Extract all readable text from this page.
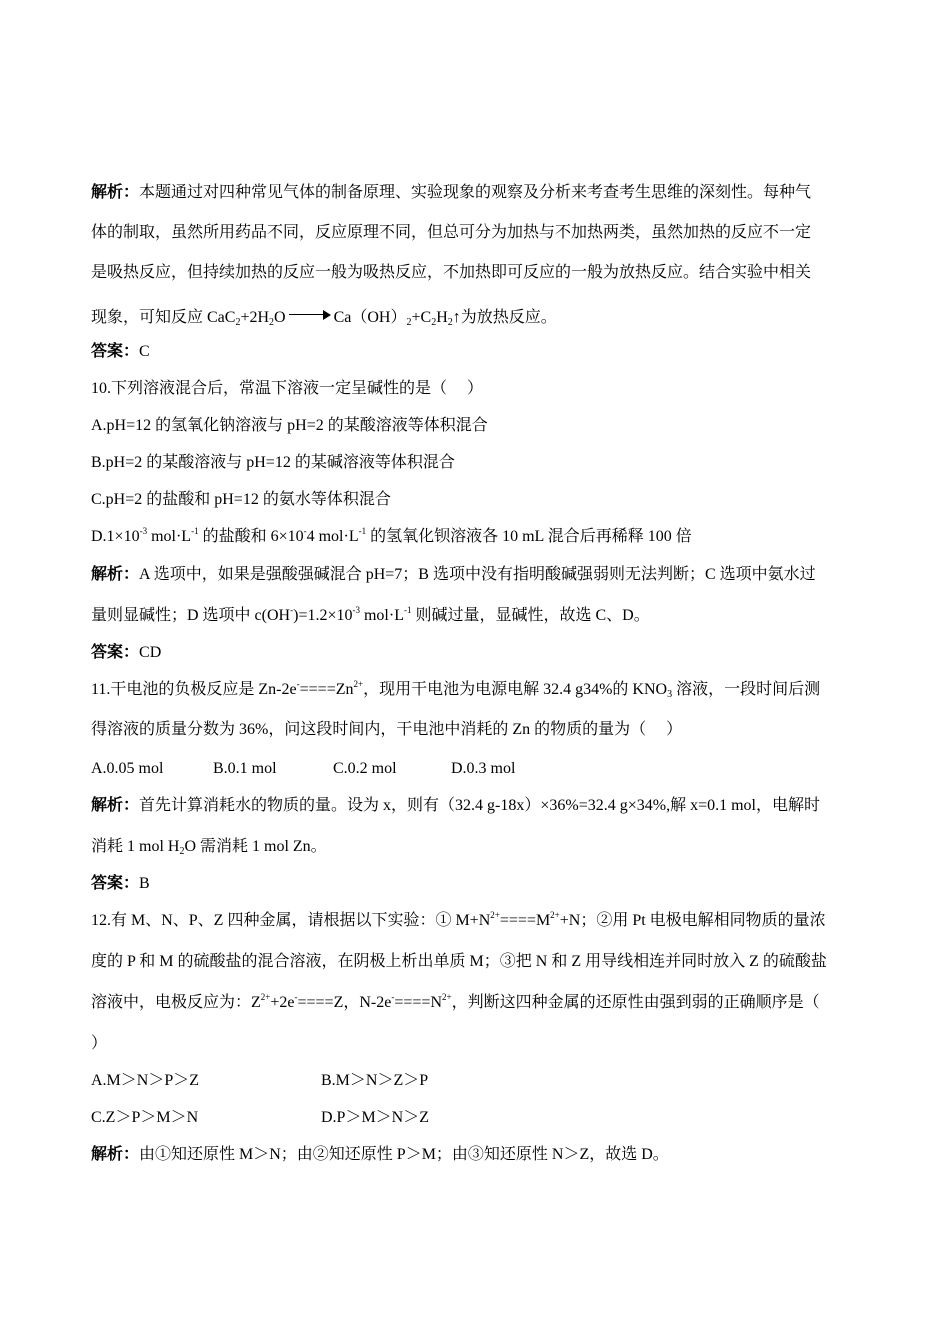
解析：本题通过对四种常见气体的制备原理、实验现象的观察及分析来考查考生思维的深刻性。每种气
体的制取，虽然所用药品不同，反应原理不同，但总可分为加热与不加热两类，虽然加热的反应不一定
是吸热反应，但持续加热的反应一般为吸热反应，不加热即可反应的一般为放热反应。结合实验中相关
现象，可知反应 $CaC_2+2H_2O$	$Ca(OH)_2+C_2H_2↑$为放热反应。
答案：C
10.下列溶液混合后，常温下溶液一定呈碱性的是（　 ）
A.pH=12 的氢氧化钠溶液与 pH=2 的某酸溶液等体积混合
B.pH=2 的某酸溶液与 pH=12 的某碱溶液等体积混合
C.pH=2 的盐酸和 pH=12 的氨水等体积混合
$D.1\times 10^{-3}$ $mol\cdot L^{-1}$ 的盐酸和 6×10-4 $mol\cdot L^{-1}$ 的氢氧化钡溶液各 10 mL 混合后再稀释 100 倍
解析：A 选项中，如果是强酸强碱混合 pH=7；B 选项中没有指明酸碱强弱则无法判断；C 选项中氨水过
量则显碱性；D 选项中 $c(OH^-)=1.2\times 10^{-3}$ $mol\cdot L^{-1}$ 则碱过量，显碱性，故选 C、D。
答案：CD
11.干电池的负极反应是 $Zn-2e^-====Zn^{2+}$，现用干电池为电源电解 32.4 g34%的 $KNO_3$ 溶液，一段时间后测
得溶液的质量分数为 36%，问这段时间内，干电池中消耗的 Zn 的物质的量为（　 ）
A.0.05 mol	B.0.1 mol	C.0.2 mol	D.0.3 mol
解析：首先计算消耗水的物质的量。设为 x，则有（32.4 g-18x）×36%=32.4 g×34%,解 x=0.1 mol，电解时
消耗 1 mol $H_2O$ 需消耗 1 mol Zn。
答案：B
12.有 M、N、P、Z 四种金属，请根据以下实验：① $M+N^{2+}====M^{2+}+N$；②用 Pt 电极电解相同物质的量浓
度的 P 和 M 的硫酸盐的混合溶液，在阴极上析出单质 M；③把 N 和 Z 用导线相连并同时放入 Z 的硫酸盐
溶液中，电极反应为：$Z^{2+}+2e^-====Z$，$N-2e^-====N^{2+}$，判断这四种金属的还原性由强到弱的正确顺序是（
）
A.M＞N＞P＞Z	B.M＞N＞Z＞P
C.Z＞P＞M＞N	D.P＞M＞N＞Z
解析：由①知还原性 M＞N；由②知还原性 P＞M；由③知还原性 N＞Z，故选 D。
